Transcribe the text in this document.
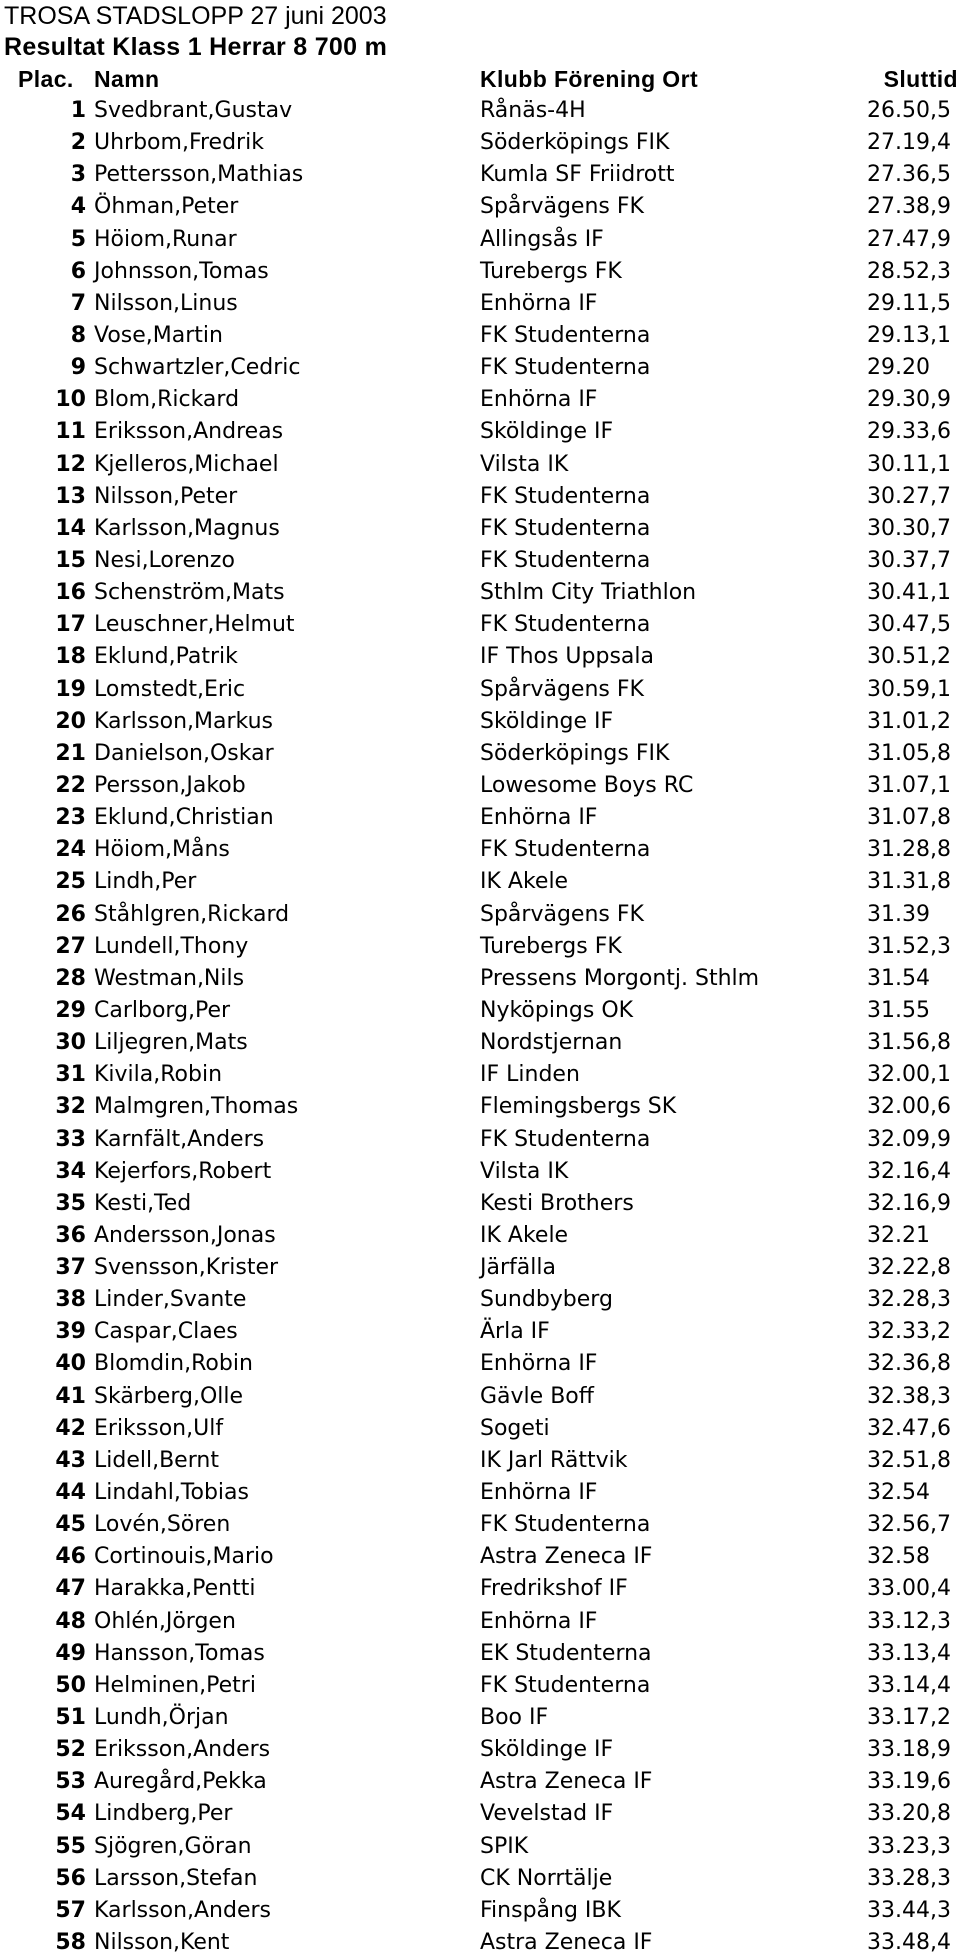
TROSA STADSLOPP 27 juni 2003
Resultat Klass 1 Herrar 8 700 m
Plac. Namn	Klubb Förening Ort	Sluttid
1 Svedbrant,Gustav	Rånäs-4H	26.50,5
2 Uhrbom,Fredrik	Söderköpings FIK	27.19,4
3 Pettersson,Mathias	Kumla SF Friidrott	27.36,5
4 Öhman,Peter	Spårvägens FK	27.38,9
5 Höiom,Runar	Allingsås IF	27.47,9
6 Johnsson,Tomas	Turebergs FK	28.52,3
7 Nilsson,Linus	Enhörna IF	29.11,5
8 Vose,Martin	FK Studenterna	29.13,1
9 Schwartzler,Cedric	FK Studenterna	29.20
10 Blom,Rickard	Enhörna IF	29.30,9
11 Eriksson,Andreas	Sköldinge IF	29.33,6
12 Kjelleros,Michael	Vilsta IK	30.11,1
13 Nilsson,Peter	FK Studenterna	30.27,7
14 Karlsson,Magnus	FK Studenterna	30.30,7
15 Nesi,Lorenzo	FK Studenterna	30.37,7
16 Schenström,Mats	Sthlm City Triathlon	30.41,1
17 Leuschner,Helmut	FK Studenterna	30.47,5
18 Eklund,Patrik	IF Thos Uppsala	30.51,2
19 Lomstedt,Eric	Spårvägens FK	30.59,1
20 Karlsson,Markus	Sköldinge IF	31.01,2
21 Danielson,Oskar	Söderköpings FIK	31.05,8
22 Persson,Jakob	Lowesome Boys RC	31.07,1
23 Eklund,Christian	Enhörna IF	31.07,8
24 Höiom,Måns	FK Studenterna	31.28,8
25 Lindh,Per	IK Akele	31.31,8
26 Ståhlgren,Rickard	Spårvägens FK	31.39
27 Lundell,Thony	Turebergs FK	31.52,3
28 Westman,Nils	Pressens Morgontj. Sthlm	31.54
29 Carlborg,Per	Nyköpings OK	31.55
30 Liljegren,Mats	Nordstjernan	31.56,8
31 Kivila,Robin	IF Linden	32.00,1
32 Malmgren,Thomas	Flemingsbergs SK	32.00,6
33 Karnfält,Anders	FK Studenterna	32.09,9
34 Kejerfors,Robert	Vilsta IK	32.16,4
35 Kesti,Ted	Kesti Brothers	32.16,9
36 Andersson,Jonas	IK Akele	32.21
37 Svensson,Krister	Järfälla	32.22,8
38 Linder,Svante	Sundbyberg	32.28,3
39 Caspar,Claes	Ärla IF	32.33,2
40 Blomdin,Robin	Enhörna IF	32.36,8
41 Skärberg,Olle	Gävle Boff	32.38,3
42 Eriksson,Ulf	Sogeti	32.47,6
43 Lidell,Bernt	IK Jarl Rättvik	32.51,8
44 Lindahl,Tobias	Enhörna IF	32.54
45 Lovén,Sören	FK Studenterna	32.56,7
46 Cortinouis,Mario	Astra Zeneca IF	32.58
47 Harakka,Pentti	Fredrikshof IF	33.00,4
48 Ohlén,Jörgen	Enhörna IF	33.12,3
49 Hansson,Tomas	EK Studenterna	33.13,4
50 Helminen,Petri	FK Studenterna	33.14,4
51 Lundh,Örjan	Boo IF	33.17,2
52 Eriksson,Anders	Sköldinge IF	33.18,9
53 Auregård,Pekka	Astra Zeneca IF	33.19,6
54 Lindberg,Per	Vevelstad IF	33.20,8
55 Sjögren,Göran	SPIK	33.23,3
56 Larsson,Stefan	CK Norrtälje	33.28,3
57 Karlsson,Anders	Finspång IBK	33.44,3
58 Nilsson,Kent	Astra Zeneca IF	33.48,4
